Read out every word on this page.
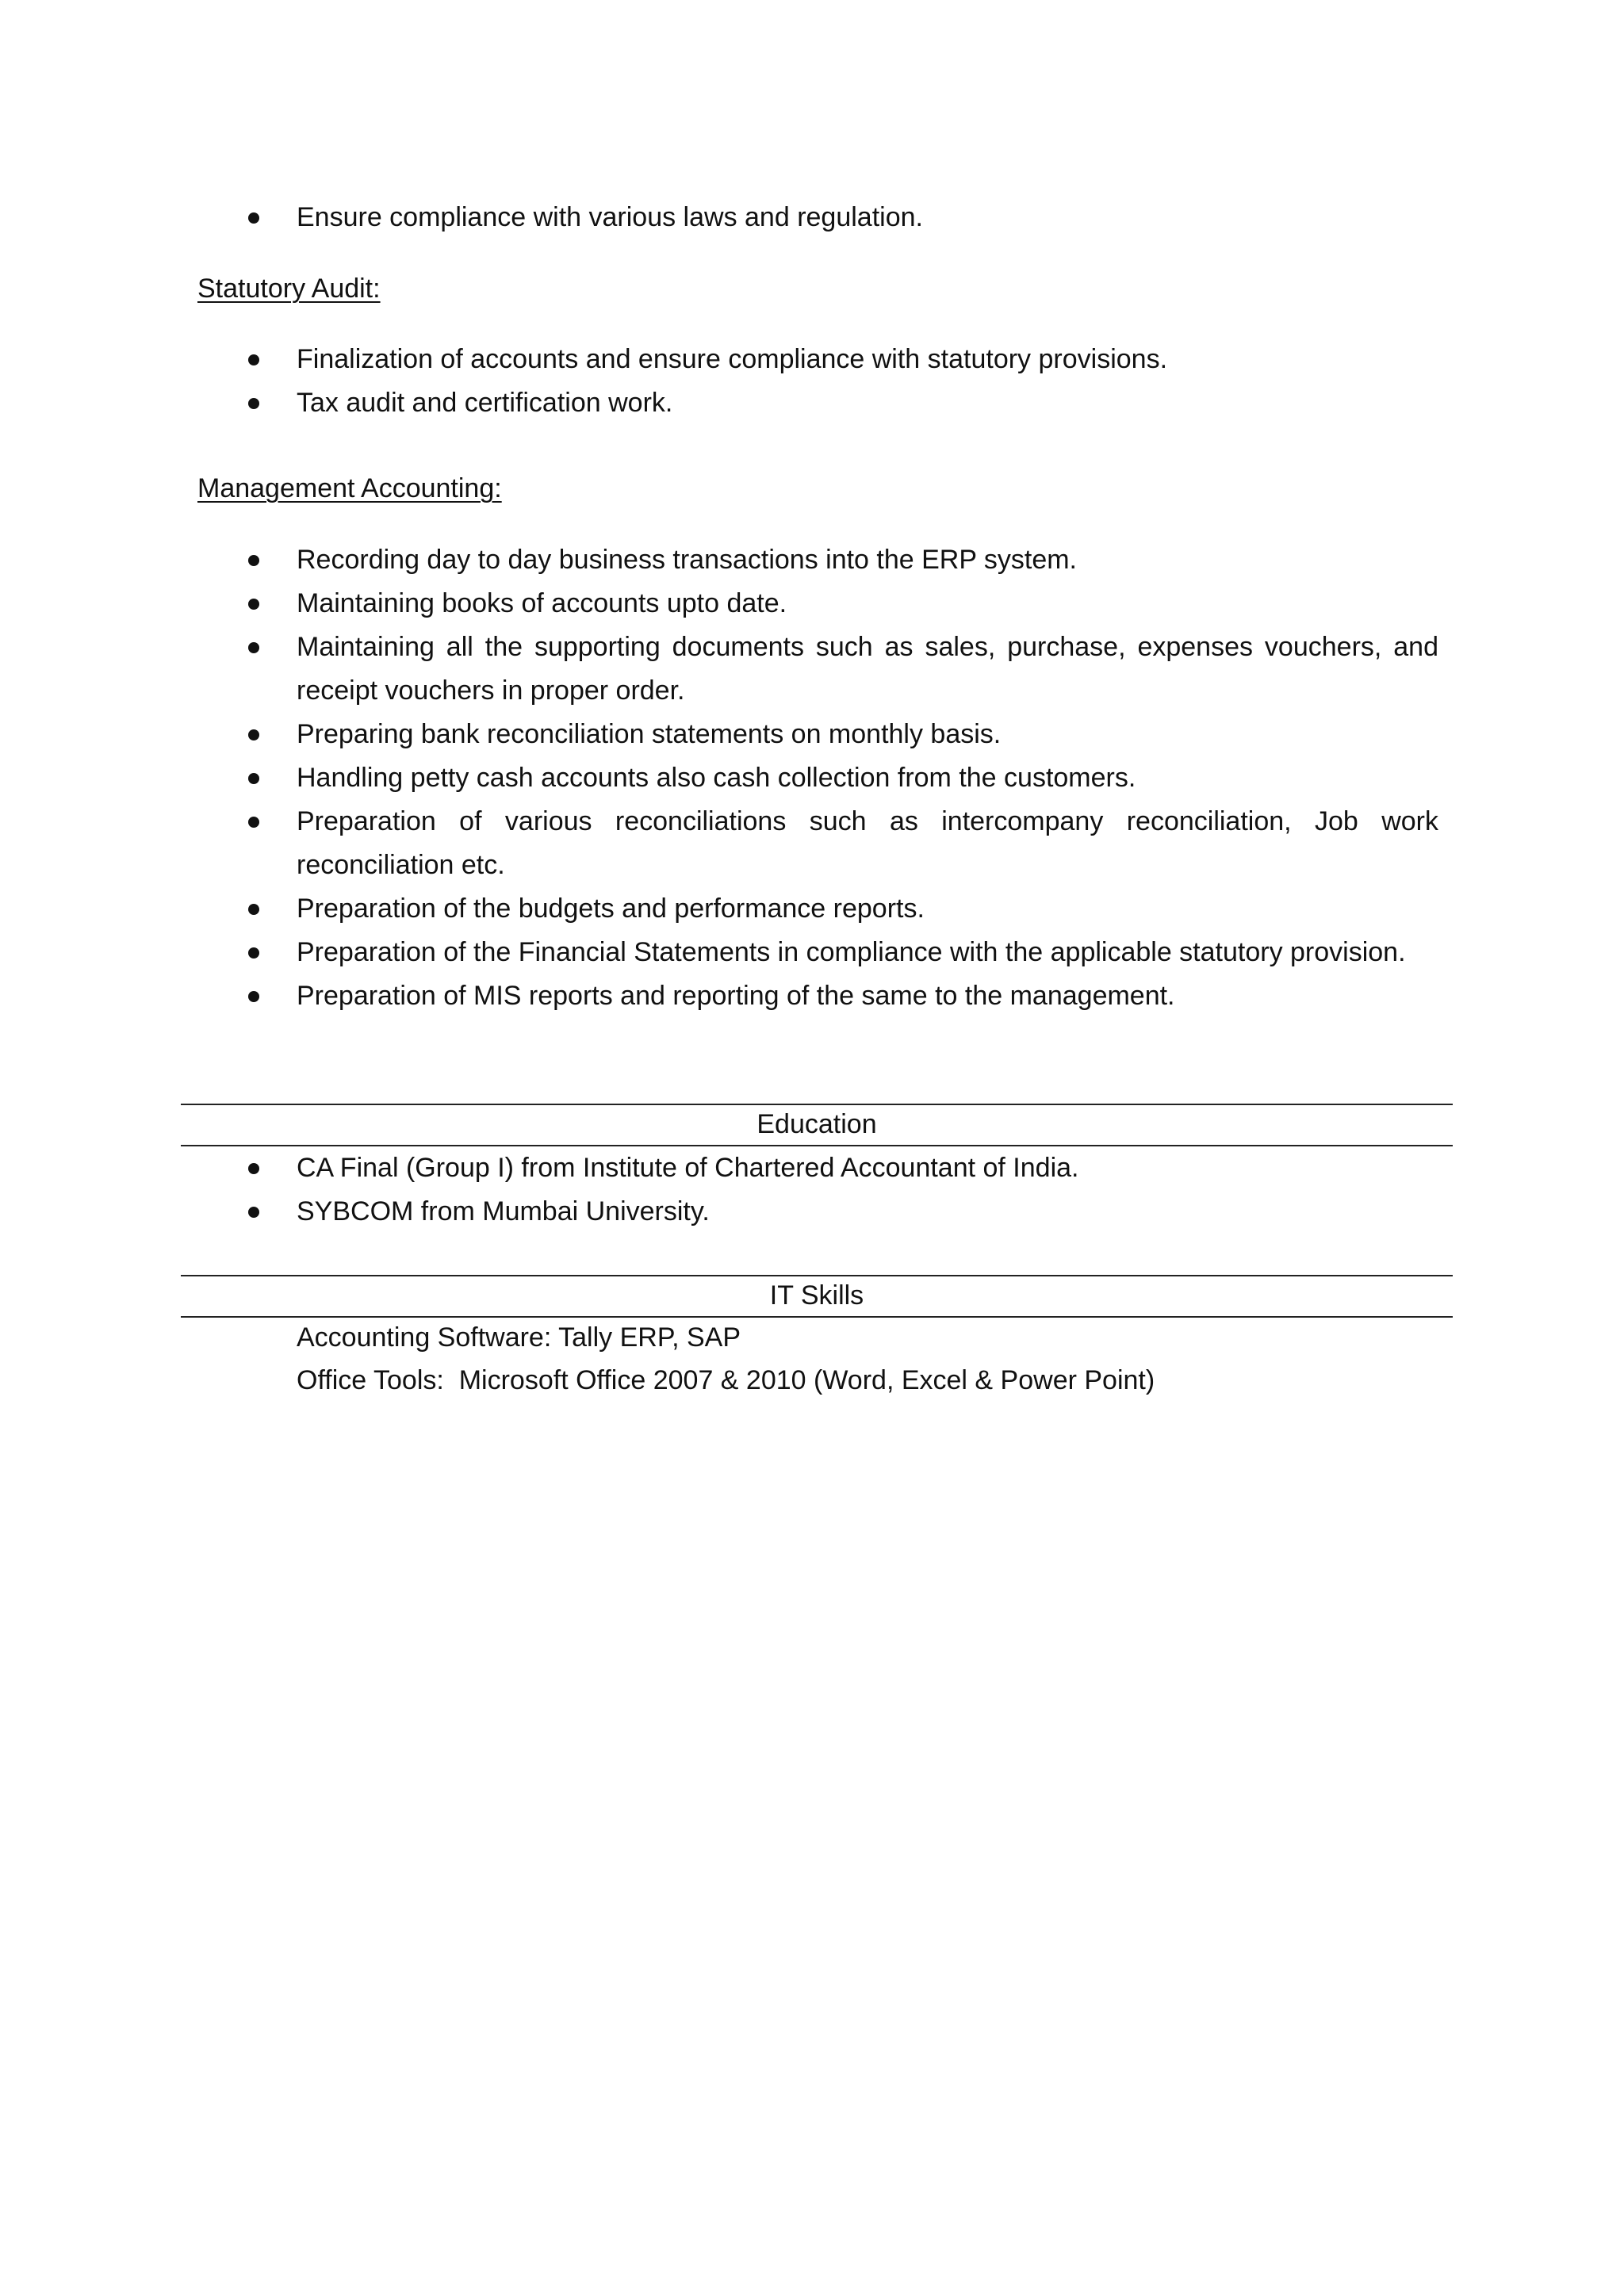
Ensure compliance with various laws and regulation.

Statutory Audit:

Finalization of accounts and ensure compliance with statutory provisions.
Tax audit and certification work.

Management Accounting:

Recording day to day business transactions into the ERP system.
Maintaining books of accounts upto date.
Maintaining all the supporting documents such as sales, purchase, expenses vouchers, and receipt vouchers in proper order.
Preparing bank reconciliation statements on monthly basis.
Handling petty cash accounts also cash collection from the customers.
Preparation of various reconciliations such as intercompany reconciliation, Job work reconciliation etc.
Preparation of the budgets and performance reports.
Preparation of the Financial Statements in compliance with the applicable statutory provision.
Preparation of MIS reports and reporting of the same to the management.
Education
CA Final (Group I) from Institute of Chartered Accountant of India.
SYBCOM from Mumbai University.
IT Skills

Accounting Software: Tally ERP, SAP

Office Tools:  Microsoft Office 2007 & 2010 (Word, Excel & Power Point)
